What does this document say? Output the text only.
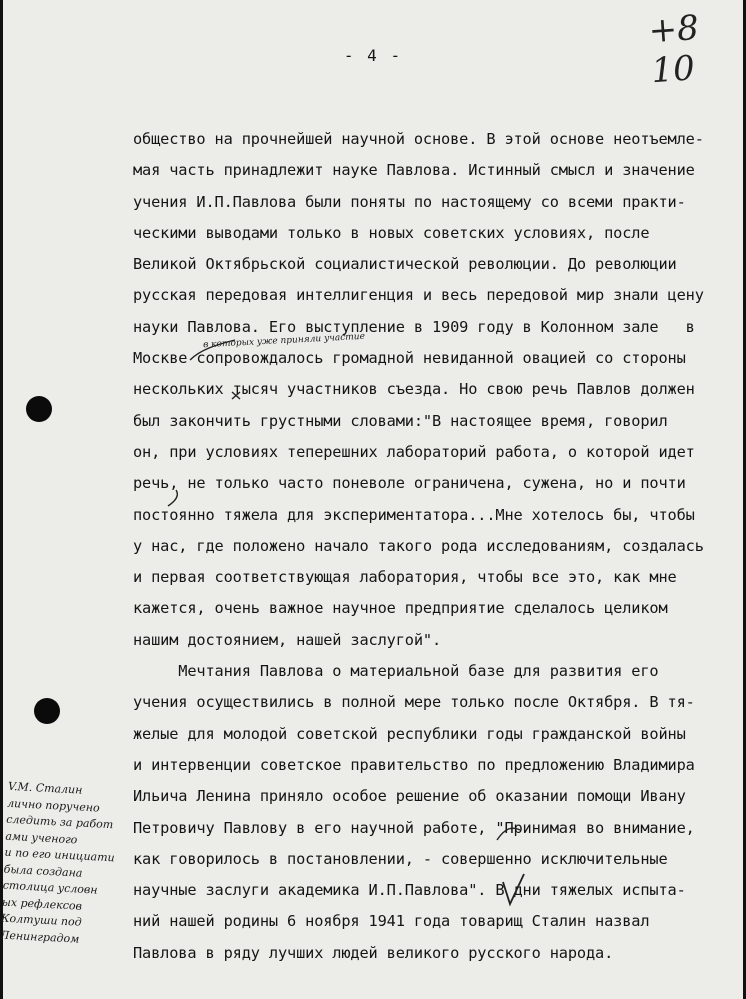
- 4 -
+8 10
общество на прочнейшей научной основе. В этой основе неотъемле-
мая часть принадлежит науке Павлова. Истинный смысл и значение
учения И.П.Павлова были поняты по настоящему со всеми практи-
ческими выводами только в новых советских условиях, после
Великой Октябрьской социалистической революции. До революции
русская передовая интеллигенция и весь передовой мир знали цену
науки Павлова. Его выступление в 1909 году в Колонном зале   в
Москве сопровождалось громадной невиданной овацией со стороны
нескольких тысяч участников съезда. Но свою речь Павлов должен
был закончить грустными словами:"В настоящее время, говорил
он, при условиях теперешних лабораторий работа, о которой идет
речь, не только часто поневоле ограничена, сужена, но и почти
постоянно тяжела для экспериментатора...Мне хотелось бы, чтобы
у нас, где положено начало такого рода исследованиям, создалась
и первая соответствующая лаборатория, чтобы все это, как мне
кажется, очень важное научное предприятие сделалось целиком
нашим достоянием, нашей заслугой".
Мечтания Павлова о материальной базе для развития его
учения осуществились в полной мере только после Октября. В тя-
желые для молодой советской республики годы гражданской войны
и интервенции советское правительство по предложению Владимира
Ильича Ленина приняло особое решение об оказании помощи Ивану
Петровичу Павлову в его научной работе, "Принимая во внимание,
как говорилось в постановлении, - совершенно исключительные
научные заслуги академика И.П.Павлова". В дни тяжелых испыта-
ний нашей родины 6 ноября 1941 года товарищ Сталин назвал
Павлова в ряду лучших людей великого русского народа.
в которых уже приняли участие
V.M. Сталин
лично поручено
следить за работ
ами ученого
и по его инициати
была создана
столица условн
ых рефлексов
Колтуши под
Ленинградом
